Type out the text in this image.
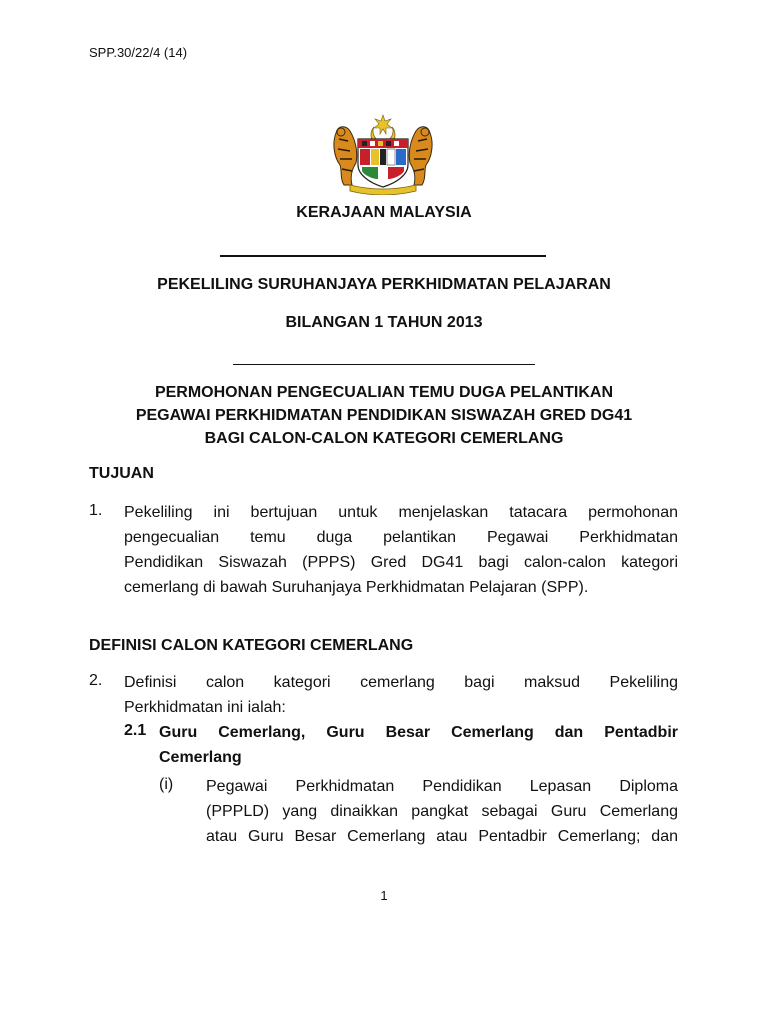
SPP.30/22/4 (14)
KERAJAAN MALAYSIA
PEKELILING SURUHANJAYA PERKHIDMATAN PELAJARAN
BILANGAN 1 TAHUN 2013
PERMOHONAN PENGECUALIAN TEMU DUGA PELANTIKAN
PEGAWAI PERKHIDMATAN PENDIDIKAN SISWAZAH GRED DG41
BAGI CALON-CALON KATEGORI CEMERLANG
TUJUAN
1. Pekeliling ini bertujuan untuk menjelaskan tatacara permohonan
pengecualian temu duga pelantikan Pegawai Perkhidmatan
Pendidikan Siswazah (PPPS) Gred DG41 bagi calon-calon kategori
cemerlang di bawah Suruhanjaya Perkhidmatan Pelajaran (SPP).
DEFINISI CALON KATEGORI CEMERLANG
2. Definisi calon kategori cemerlang bagi maksud Pekeliling
Perkhidmatan ini ialah:
2.1 Guru Cemerlang, Guru Besar Cemerlang dan Pentadbir
Cemerlang
(i) Pegawai Perkhidmatan Pendidikan Lepasan Diploma
(PPPLD) yang dinaikkan pangkat sebagai Guru Cemerlang
atau Guru Besar Cemerlang atau Pentadbir Cemerlang; dan
1
